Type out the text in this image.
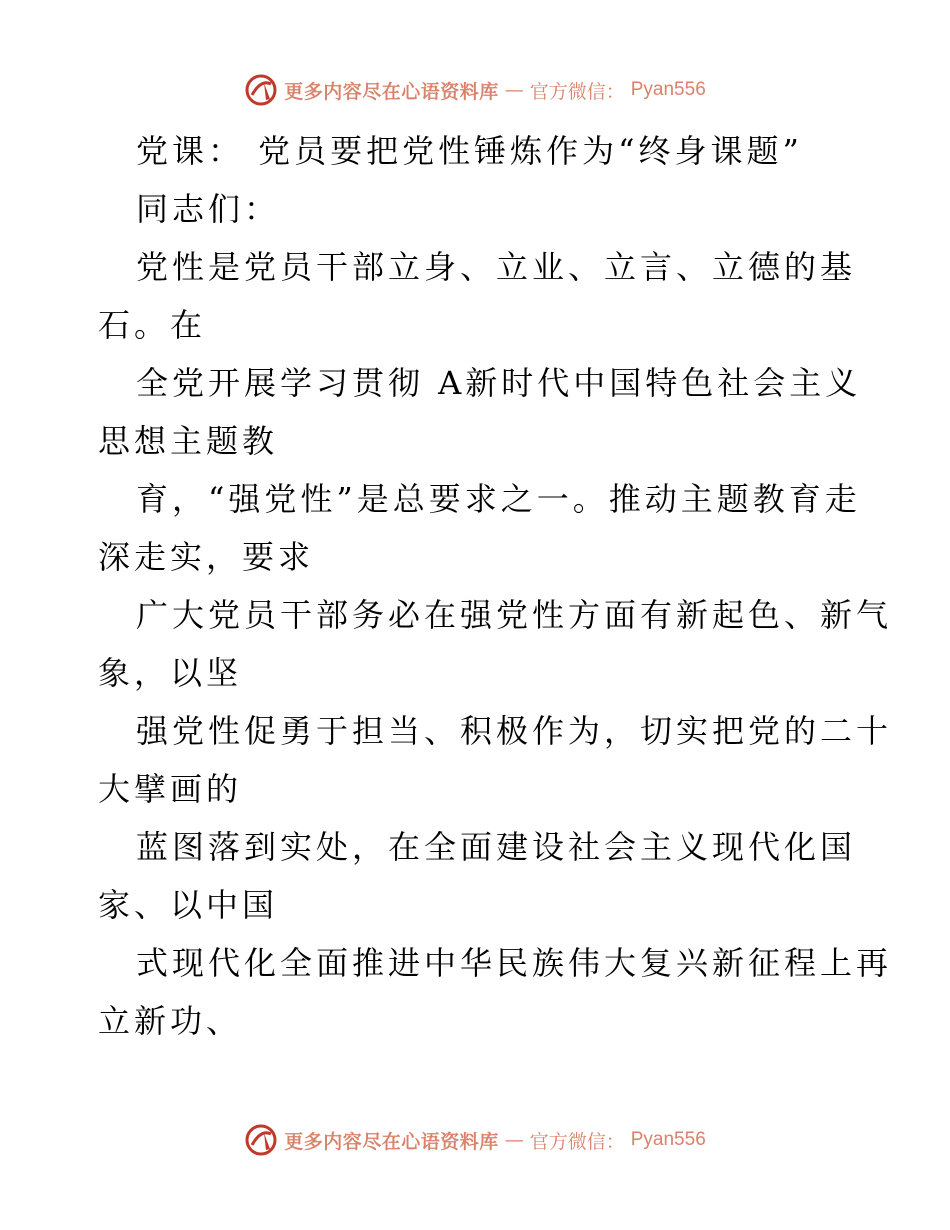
更多内容尽在心语资料库 — 官方微信： Pyan556
党课： 党员要把党性锤炼作为“终身课题”
同志们：
党性是党员干部立身、立业、立言、立德的基
石。在
全党开展学习贯彻 A新时代中国特色社会主义
思想主题教
育，“强党性”是总要求之一。推动主题教育走
深走实，要求
广大党员干部务必在强党性方面有新起色、新气
象，以坚
强党性促勇于担当、积极作为，切实把党的二十
大擘画的
蓝图落到实处，在全面建设社会主义现代化国
家、以中国
式现代化全面推进中华民族伟大复兴新征程上再
立新功、
更多内容尽在心语资料库 — 官方微信： Pyan556
